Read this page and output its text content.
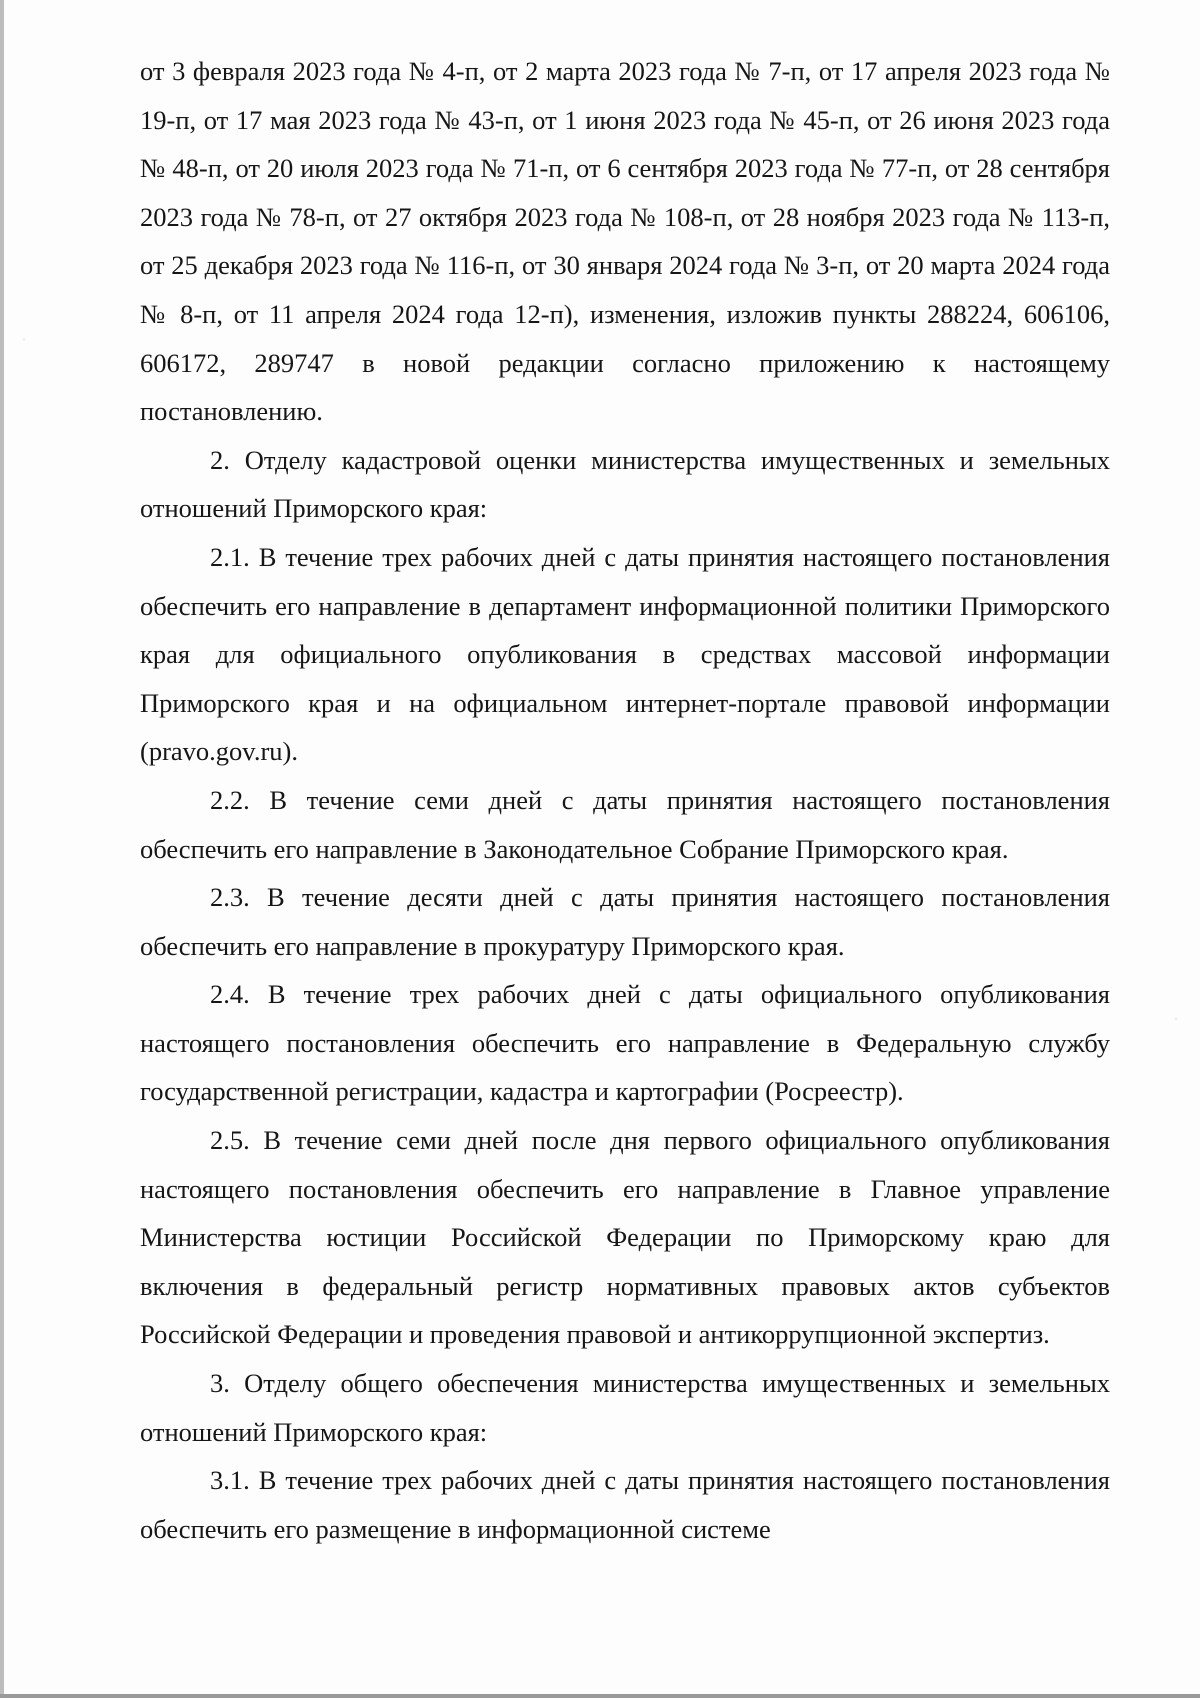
от 3 февраля 2023 года № 4-п, от 2 марта 2023 года № 7-п, от 17 апреля 2023 года № 19-п, от 17 мая 2023 года № 43-п, от 1 июня 2023 года № 45-п, от 26 июня 2023 года № 48-п, от 20 июля 2023 года № 71-п, от 6 сентября 2023 года № 77-п, от 28 сентября 2023 года № 78-п, от 27 октября 2023 года № 108-п, от 28 ноября 2023 года № 113-п, от 25 декабря 2023 года № 116-п, от 30 января 2024 года № 3-п, от 20 марта 2024 года № 8-п, от 11 апреля 2024 года 12-п), изменения, изложив пункты 288224, 606106, 606172, 289747 в новой редакции согласно приложению к настоящему постановлению.

2. Отделу кадастровой оценки министерства имущественных и земельных отношений Приморского края:

2.1. В течение трех рабочих дней с даты принятия настоящего постановления обеспечить его направление в департамент информационной политики Приморского края для официального опубликования в средствах массовой информации Приморского края и на официальном интернет-портале правовой информации (pravo.gov.ru).

2.2. В течение семи дней с даты принятия настоящего постановления обеспечить его направление в Законодательное Собрание Приморского края.

2.3. В течение десяти дней с даты принятия настоящего постановления обеспечить его направление в прокуратуру Приморского края.

2.4. В течение трех рабочих дней с даты официального опубликования настоящего постановления обеспечить его направление в Федеральную службу государственной регистрации, кадастра и картографии (Росреестр).

2.5. В течение семи дней после дня первого официального опубликования настоящего постановления обеспечить его направление в Главное управление Министерства юстиции Российской Федерации по Приморскому краю для включения в федеральный регистр нормативных правовых актов субъектов Российской Федерации и проведения правовой и антикоррупционной экспертиз.

3. Отделу общего обеспечения министерства имущественных и земельных отношений Приморского края:

3.1. В течение трех рабочих дней с даты принятия настоящего постановления обеспечить его размещение в информационной системе
